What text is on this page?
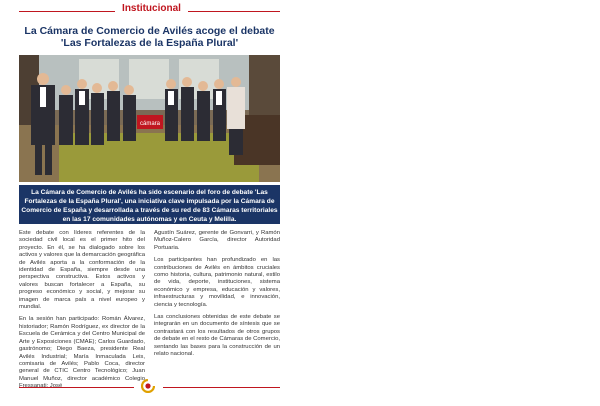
Institucional
La Cámara de Comercio de Avilés acoge el debate 'Las Fortalezas de la España Plural'
cámara
La Cámara de Comercio de Avilés ha sido escenario del foro de debate 'Las Fortalezas de la España Plural', una iniciativa clave impulsada por la Cámara de Comercio de España y desarrollada a través de su red de 83 Cámaras territoriales en las 17 comunidades autónomas y en Ceuta y Melilla.

Este debate con líderes referentes de la sociedad civil local es el primer hito del proyecto. En él, se ha dialogado sobre los activos y valores que la demarcación geográfica de Avilés aporta a la conformación de la identidad de España, siempre desde una perspectiva constructiva. Estos activos y valores buscan fortalecer a España, su progreso económico y social, y mejorar su imagen de marca país a nivel europeo y mundial.

En la sesión han participado: Román Álvarez, historiador; Ramón Rodríguez, ex director de la Escuela de Cerámica y del Centro Municipal de Arte y Exposiciones (CMAE); Carlos Guardado, gastrónomo; Diego Baeza, presidente Real Avilés Industrial; María Inmaculada Leis, comisaria de Avilés; Pablo Coca, director general de CTIC Centro Tecnológico; Juan Manuel Muñoz, director académico Colegio

Agustín Suárez, gerente de Gonvarri, y Ramón Muñoz-Calero García, director Autoridad Portuaria.

Los participantes han profundizado en las contribuciones de Avilés en ámbitos cruciales como historia, cultura, patrimonio natural, estilo de vida, deporte, instituciones, sistema económico y empresa, educación y valores, infraestructuras y movilidad, e innovación, ciencia y tecnología.

Las conclusiones obtenidas de este debate se integrarán en un documento de síntesis que se contrastará con los resultados de otros grupos de debate en el resto de Cámaras de Comercio, sentando las bases para la construcción de un relato nacional.
